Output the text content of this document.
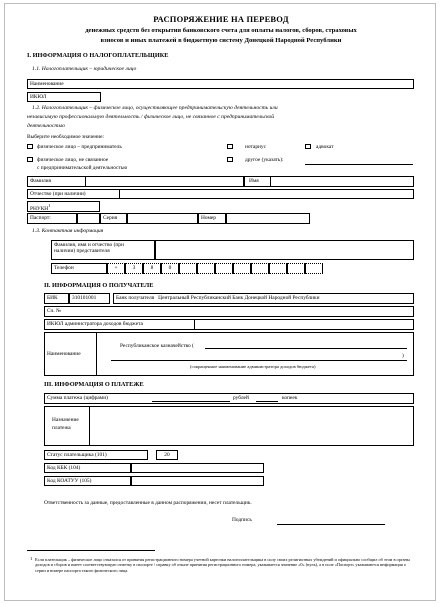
РАСПОРЯЖЕНИЕ НА ПЕРЕВОД
денежных средств без открытия банковского счета для оплаты налогов, сборов, страховых
взносов и иных платежей в бюджетную систему Донецкой Народной Республики
I. ИНФОРМАЦИЯ О НАЛОГОПЛАТЕЛЬЩИКЕ
1.1. Налогоплательщик – юридическое лицо
Наименование
ИКЮЛ
1.2. Налогоплательщик – физическое лицо, осуществляющее предпринимательскую деятельность или
независимую профессиональную деятельность / физическое лицо, не связанное с предпринимательской
деятельностью
Выберите необходимое значение:
физическое лицо – предприниматель	нотариус	адвокат
физическое лицо, не связанное
с предпринимательской деятельностью
другое (указать):
Фамилия	Имя
Отчество (при наличии)
РНУКН$^1$
Паспорт:	Серия	Номер
1.3. Контактная информация
Фамилия, имя и отчество (при
наличии) представителя
Телефон	+	3	8	0
II. ИНФОРМАЦИЯ О ПОЛУЧАТЕЛЕ
БИК	310101001	Банк получателя Центральный Республиканский Банк Донецкой Народной Республики
Сч. №
ИКЮЛ администратора доходов бюджета
Наименование
Республиканское казначейство (
)
(сокращенное наименование администратора доходов бюджета)
III. ИНФОРМАЦИЯ О ПЛАТЕЖЕ
Сумма платежа (цифрами)	рублей	копеек
Назначение
платежа
Статус плательщика (101)	20
Код КБК (104)
Код КОАТУУ (105)
Ответственность за данные, предоставленные в данном распоряжении, несет плательщик.
Подпись
1 Если плательщик – физическое лицо отказался от принятия регистрационного номера учетной карточки налогоплательщика в силу своих религиозных убеждений и официально сообщил об этом в органы доходов и сборов и имеет соответствующую отметку в паспорте / справку об отказе принятия регистрационного номера, указывается значение «0» (нуль), а в поле «Паспорт» указываются информация о серии и номере паспорта такого физического лица.
